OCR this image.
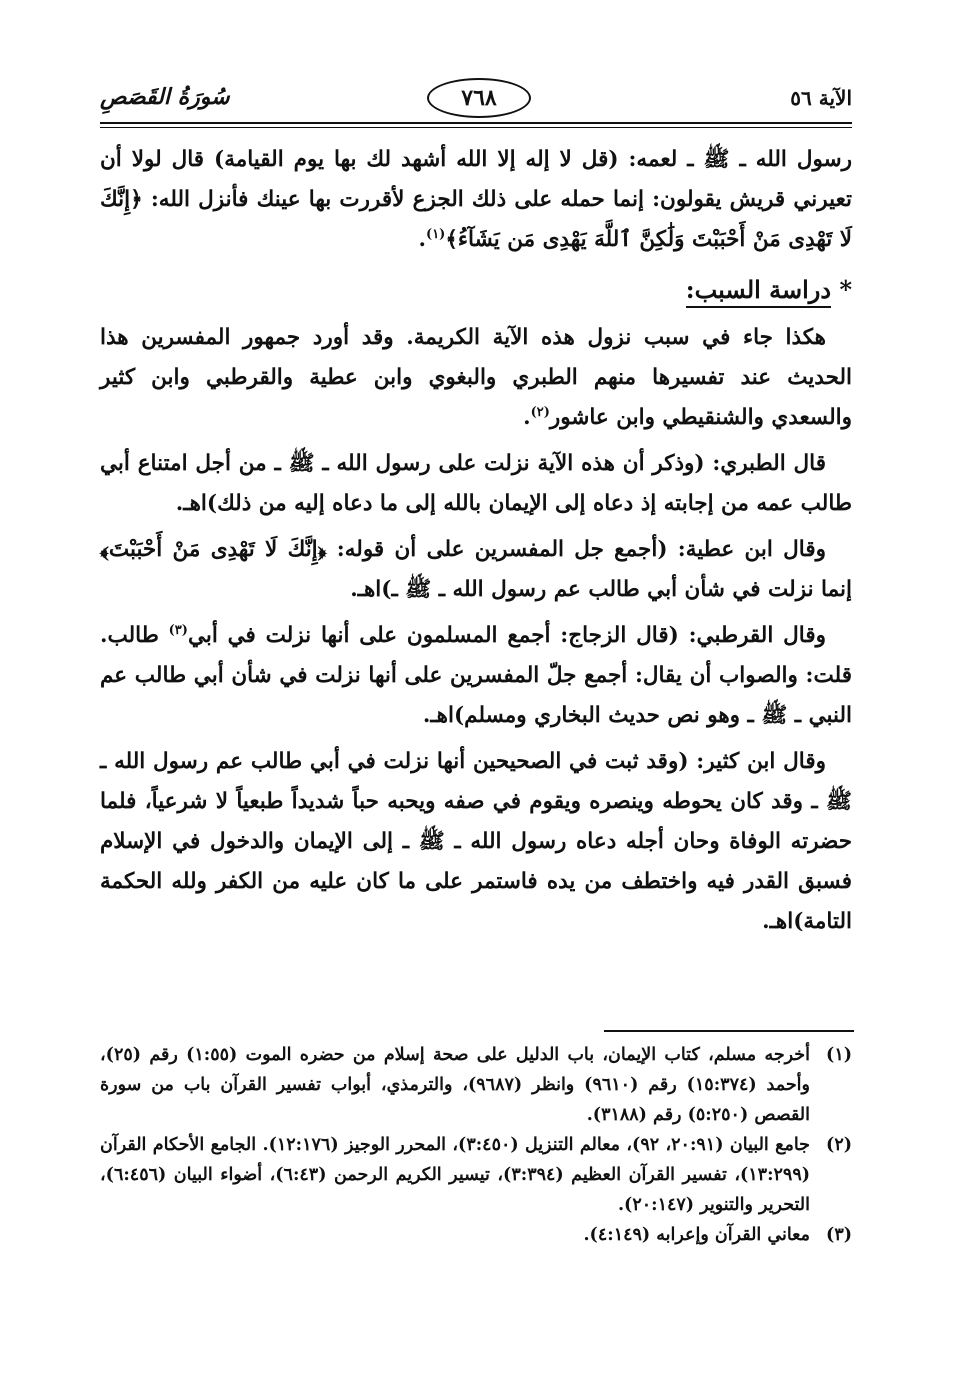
الآية ٥٦
٧٦٨
سُورَةُ القَصَصِ

رسول الله ـ ﷺ ـ لعمه: (قل لا إله إلا الله أشهد لك بها يوم القيامة) قال لولا أن تعيرني قريش يقولون: إنما حمله على ذلك الجزع لأقررت بها عينك فأنزل الله: ﴿إِنَّكَ لَا تَهْدِى مَنْ أَحْبَبْتَ وَلَٰكِنَّ ٱللَّهَ يَهْدِى مَن يَشَآءُ﴾$^{(١)}$.

* دراسة السبب:

هكذا جاء في سبب نزول هذه الآية الكريمة. وقد أورد جمهور المفسرين هذا الحديث عند تفسيرها منهم الطبري والبغوي وابن عطية والقرطبي وابن كثير والسعدي والشنقيطي وابن عاشور$^{(٢)}$.

قال الطبري: (وذكر أن هذه الآية نزلت على رسول الله ـ ﷺ ـ من أجل امتناع أبي طالب عمه من إجابته إذ دعاه إلى الإيمان بالله إلى ما دعاه إليه من ذلك)اهـ.

وقال ابن عطية: (أجمع جل المفسرين على أن قوله: ﴿إِنَّكَ لَا تَهْدِى مَنْ أَحْبَبْتَ﴾ إنما نزلت في شأن أبي طالب عم رسول الله ـ ﷺ ـ)اهـ.

وقال القرطبي: (قال الزجاج: أجمع المسلمون على أنها نزلت في أبي$^{(٣)}$ طالب. قلت: والصواب أن يقال: أجمع جلّ المفسرين على أنها نزلت في شأن أبي طالب عم النبي ـ ﷺ ـ وهو نص حديث البخاري ومسلم)اهـ.

وقال ابن كثير: (وقد ثبت في الصحيحين أنها نزلت في أبي طالب عم رسول الله ـ ﷺ ـ وقد كان يحوطه وينصره ويقوم في صفه ويحبه حباً شديداً طبعياً لا شرعياً، فلما حضرته الوفاة وحان أجله دعاه رسول الله ـ ﷺ ـ إلى الإيمان والدخول في الإسلام فسبق القدر فيه واختطف من يده فاستمر على ما كان عليه من الكفر ولله الحكمة التامة)اهـ.

(١)
أخرجه مسلم، كتاب الإيمان، باب الدليل على صحة إسلام من حضره الموت (١:٥٥) رقم (٢٥)، وأحمد (١٥:٣٧٤) رقم (٩٦١٠) وانظر (٩٦٨٧)، والترمذي، أبواب تفسير القرآن باب من سورة القصص (٥:٢٥٠) رقم (٣١٨٨).
(٢)
جامع البيان (٢٠:٩١، ٩٢)، معالم التنزيل (٣:٤٥٠)، المحرر الوجيز (١٢:١٧٦). الجامع الأحكام القرآن (١٣:٢٩٩)، تفسير القرآن العظيم (٣:٣٩٤)، تيسير الكريم الرحمن (٦:٤٣)، أضواء البيان (٦:٤٥٦)، التحرير والتنوير (٢٠:١٤٧).
(٣)
معاني القرآن وإعرابه (٤:١٤٩).
